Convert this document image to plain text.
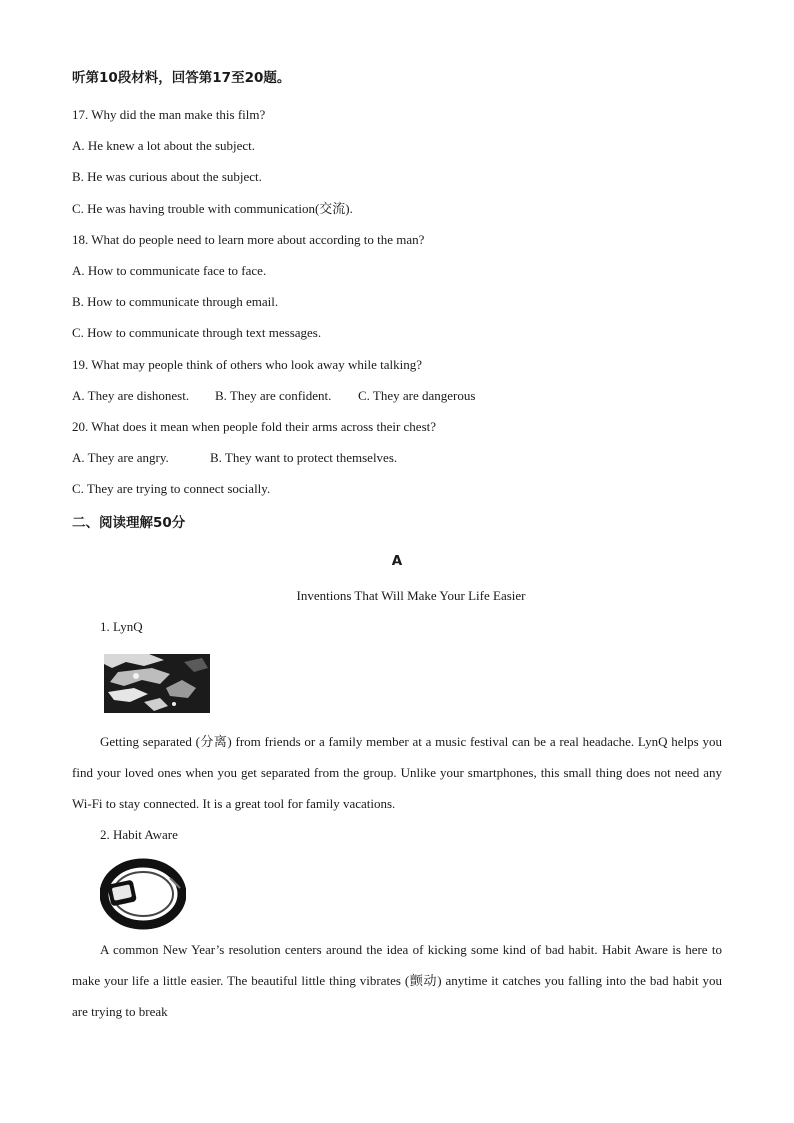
听第10段材料，回答第17至20题。
17. Why did the man make this film?
A. He knew a lot about the subject.
B. He was curious about the subject.
C. He was having trouble with communication(交流).
18. What do people need to learn more about according to the man?
A. How to communicate face to face.
B. How to communicate through email.
C. How to communicate through text messages.
19. What may people think of others who look away while talking?
A. They are dishonest. B. They are confident. C. They are dangerous
20. What does it mean when people fold their arms across their chest?
A. They are angry.	B. They want to protect themselves.
C. They are trying to connect socially.
二、阅读理解50分
A
Inventions That Will Make Your Life Easier
1. LynQ
Getting separated (分离) from friends or a family member at a music festival can be a real headache. LynQ helps you find your loved ones when you get separated from the group. Unlike your smartphones, this small thing does not need any Wi-Fi to stay connected. It is a great tool for family vacations.
2. Habit Aware
A common New Year’s resolution centers around the idea of kicking some kind of bad habit. Habit Aware is here to make your life a little easier. The beautiful little thing vibrates (颤动) anytime it catches you falling into the bad habit you are trying to break
